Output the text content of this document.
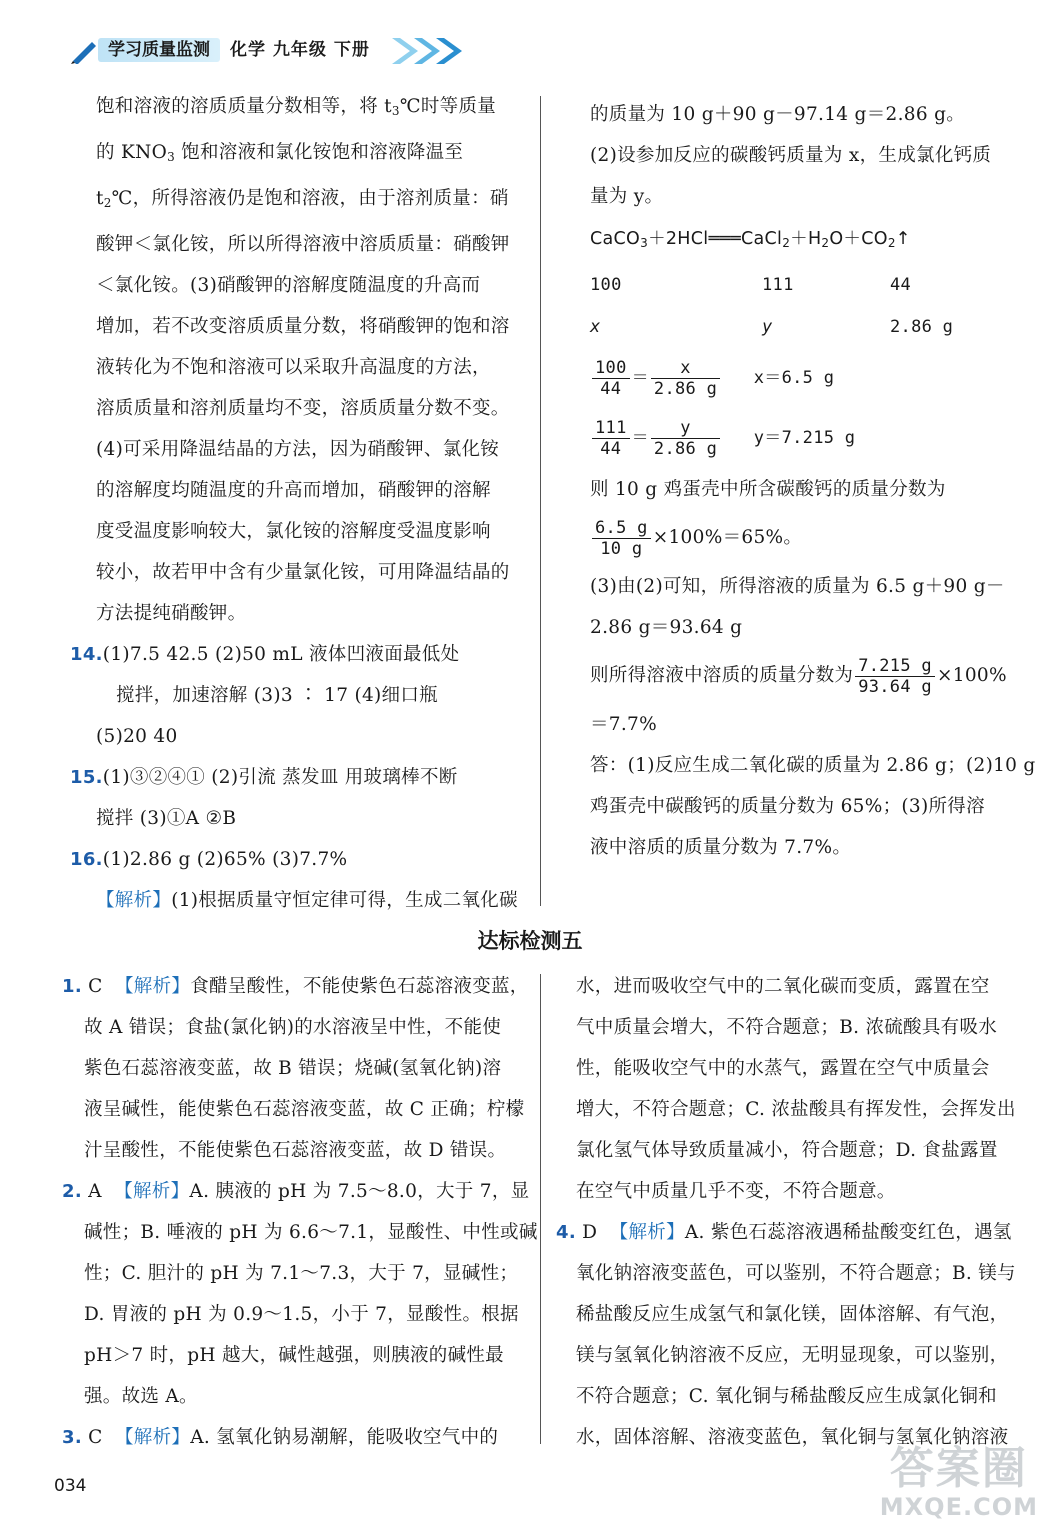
学习质量监测	化学 九年级 下册

饱和溶液的溶质质量分数相等，将 $t_3℃$时等质量

的 $KNO_3$ 饱和溶液和氯化铵饱和溶液降温至

$t_2℃$，所得溶液仍是饱和溶液，由于溶剂质量：硝

酸钾＜氯化铵，所以所得溶液中溶质质量：硝酸钾

＜氯化铵。(3)硝酸钾的溶解度随温度的升高而

增加，若不改变溶质质量分数，将硝酸钾的饱和溶

液转化为不饱和溶液可以采取升高温度的方法，

溶质质量和溶剂质量均不变，溶质质量分数不变。

(4)可采用降温结晶的方法，因为硝酸钾、氯化铵

的溶解度均随温度的升高而增加，硝酸钾的溶解

度受温度影响较大，氯化铵的溶解度受温度影响

较小，故若甲中含有少量氯化铵，可用降温结晶的

方法提纯硝酸钾。

14.(1)7.5 42.5 (2)50 mL 液体凹液面最低处

搅拌，加速溶解 (3)3 ∶ 17 (4)细口瓶

(5)20 40

15.(1)③②④① (2)引流 蒸发皿 用玻璃棒不断

搅拌 (3)①A ②B

16.(1)2.86 g (2)65% (3)7.7%

【解析】(1)根据质量守恒定律可得，生成二氧化碳

的质量为 10 g＋90 g－97.14 g＝2.86 g。

(2)设参加反应的碳酸钙质量为 x，生成氯化钙质

量为 y。

$CaCO_3+2HCl═══CaCl_2+H_2O+CO_2↑$

100	111	44
x	y	2.86 g
$\frac{100}{44} = \frac{x}{2.86 g} x=6.5$ g
$\frac{111}{44} = \frac{y}{2.86 g} y=7.215$ g

则 10 g 鸡蛋壳中所含碳酸钙的质量分数为

$\frac{6.5 g}{10 g} \times 100\%=65\%$。

(3)由(2)可知，所得溶液的质量为 6.5 g＋90 g－

2.86 g＝93.64 g

则所得溶液中溶质的质量分数为 $\frac{7.215 g}{93.64 g} \times 100\%$

＝7.7%

答：(1)反应生成二氧化碳的质量为 2.86 g；(2)10 g

鸡蛋壳中碳酸钙的质量分数为 65%；(3)所得溶

液中溶质的质量分数为 7.7%。

达标检测五

1. C 【解析】食醋呈酸性，不能使紫色石蕊溶液变蓝，

故 A 错误；食盐(氯化钠)的水溶液呈中性，不能使

紫色石蕊溶液变蓝，故 B 错误；烧碱(氢氧化钠)溶

液呈碱性，能使紫色石蕊溶液变蓝，故 C 正确；柠檬

汁呈酸性，不能使紫色石蕊溶液变蓝，故 D 错误。

2. A 【解析】A. 胰液的 pH 为 7.5～8.0，大于 7，显

碱性；B. 唾液的 pH 为 6.6～7.1，显酸性、中性或碱

性；C. 胆汁的 pH 为 7.1～7.3，大于 7，显碱性；

D. 胃液的 pH 为 0.9～1.5，小于 7，显酸性。根据

pH＞7 时，pH 越大，碱性越强，则胰液的碱性最

强。故选 A。

3. C 【解析】A. 氢氧化钠易潮解，能吸收空气中的

水，进而吸收空气中的二氧化碳而变质，露置在空

气中质量会增大，不符合题意；B. 浓硫酸具有吸水

性，能吸收空气中的水蒸气，露置在空气中质量会

增大，不符合题意；C. 浓盐酸具有挥发性，会挥发出

氯化氢气体导致质量减小，符合题意；D. 食盐露置

在空气中质量几乎不变，不符合题意。

4. D 【解析】A. 紫色石蕊溶液遇稀盐酸变红色，遇氢

氧化钠溶液变蓝色，可以鉴别，不符合题意；B. 镁与

稀盐酸反应生成氢气和氯化镁，固体溶解、有气泡，

镁与氢氧化钠溶液不反应，无明显现象，可以鉴别，

不符合题意；C. 氧化铜与稀盐酸反应生成氯化铜和

水，固体溶解、溶液变蓝色，氧化铜与氢氧化钠溶液

034	答案圈
MXQE.COM
